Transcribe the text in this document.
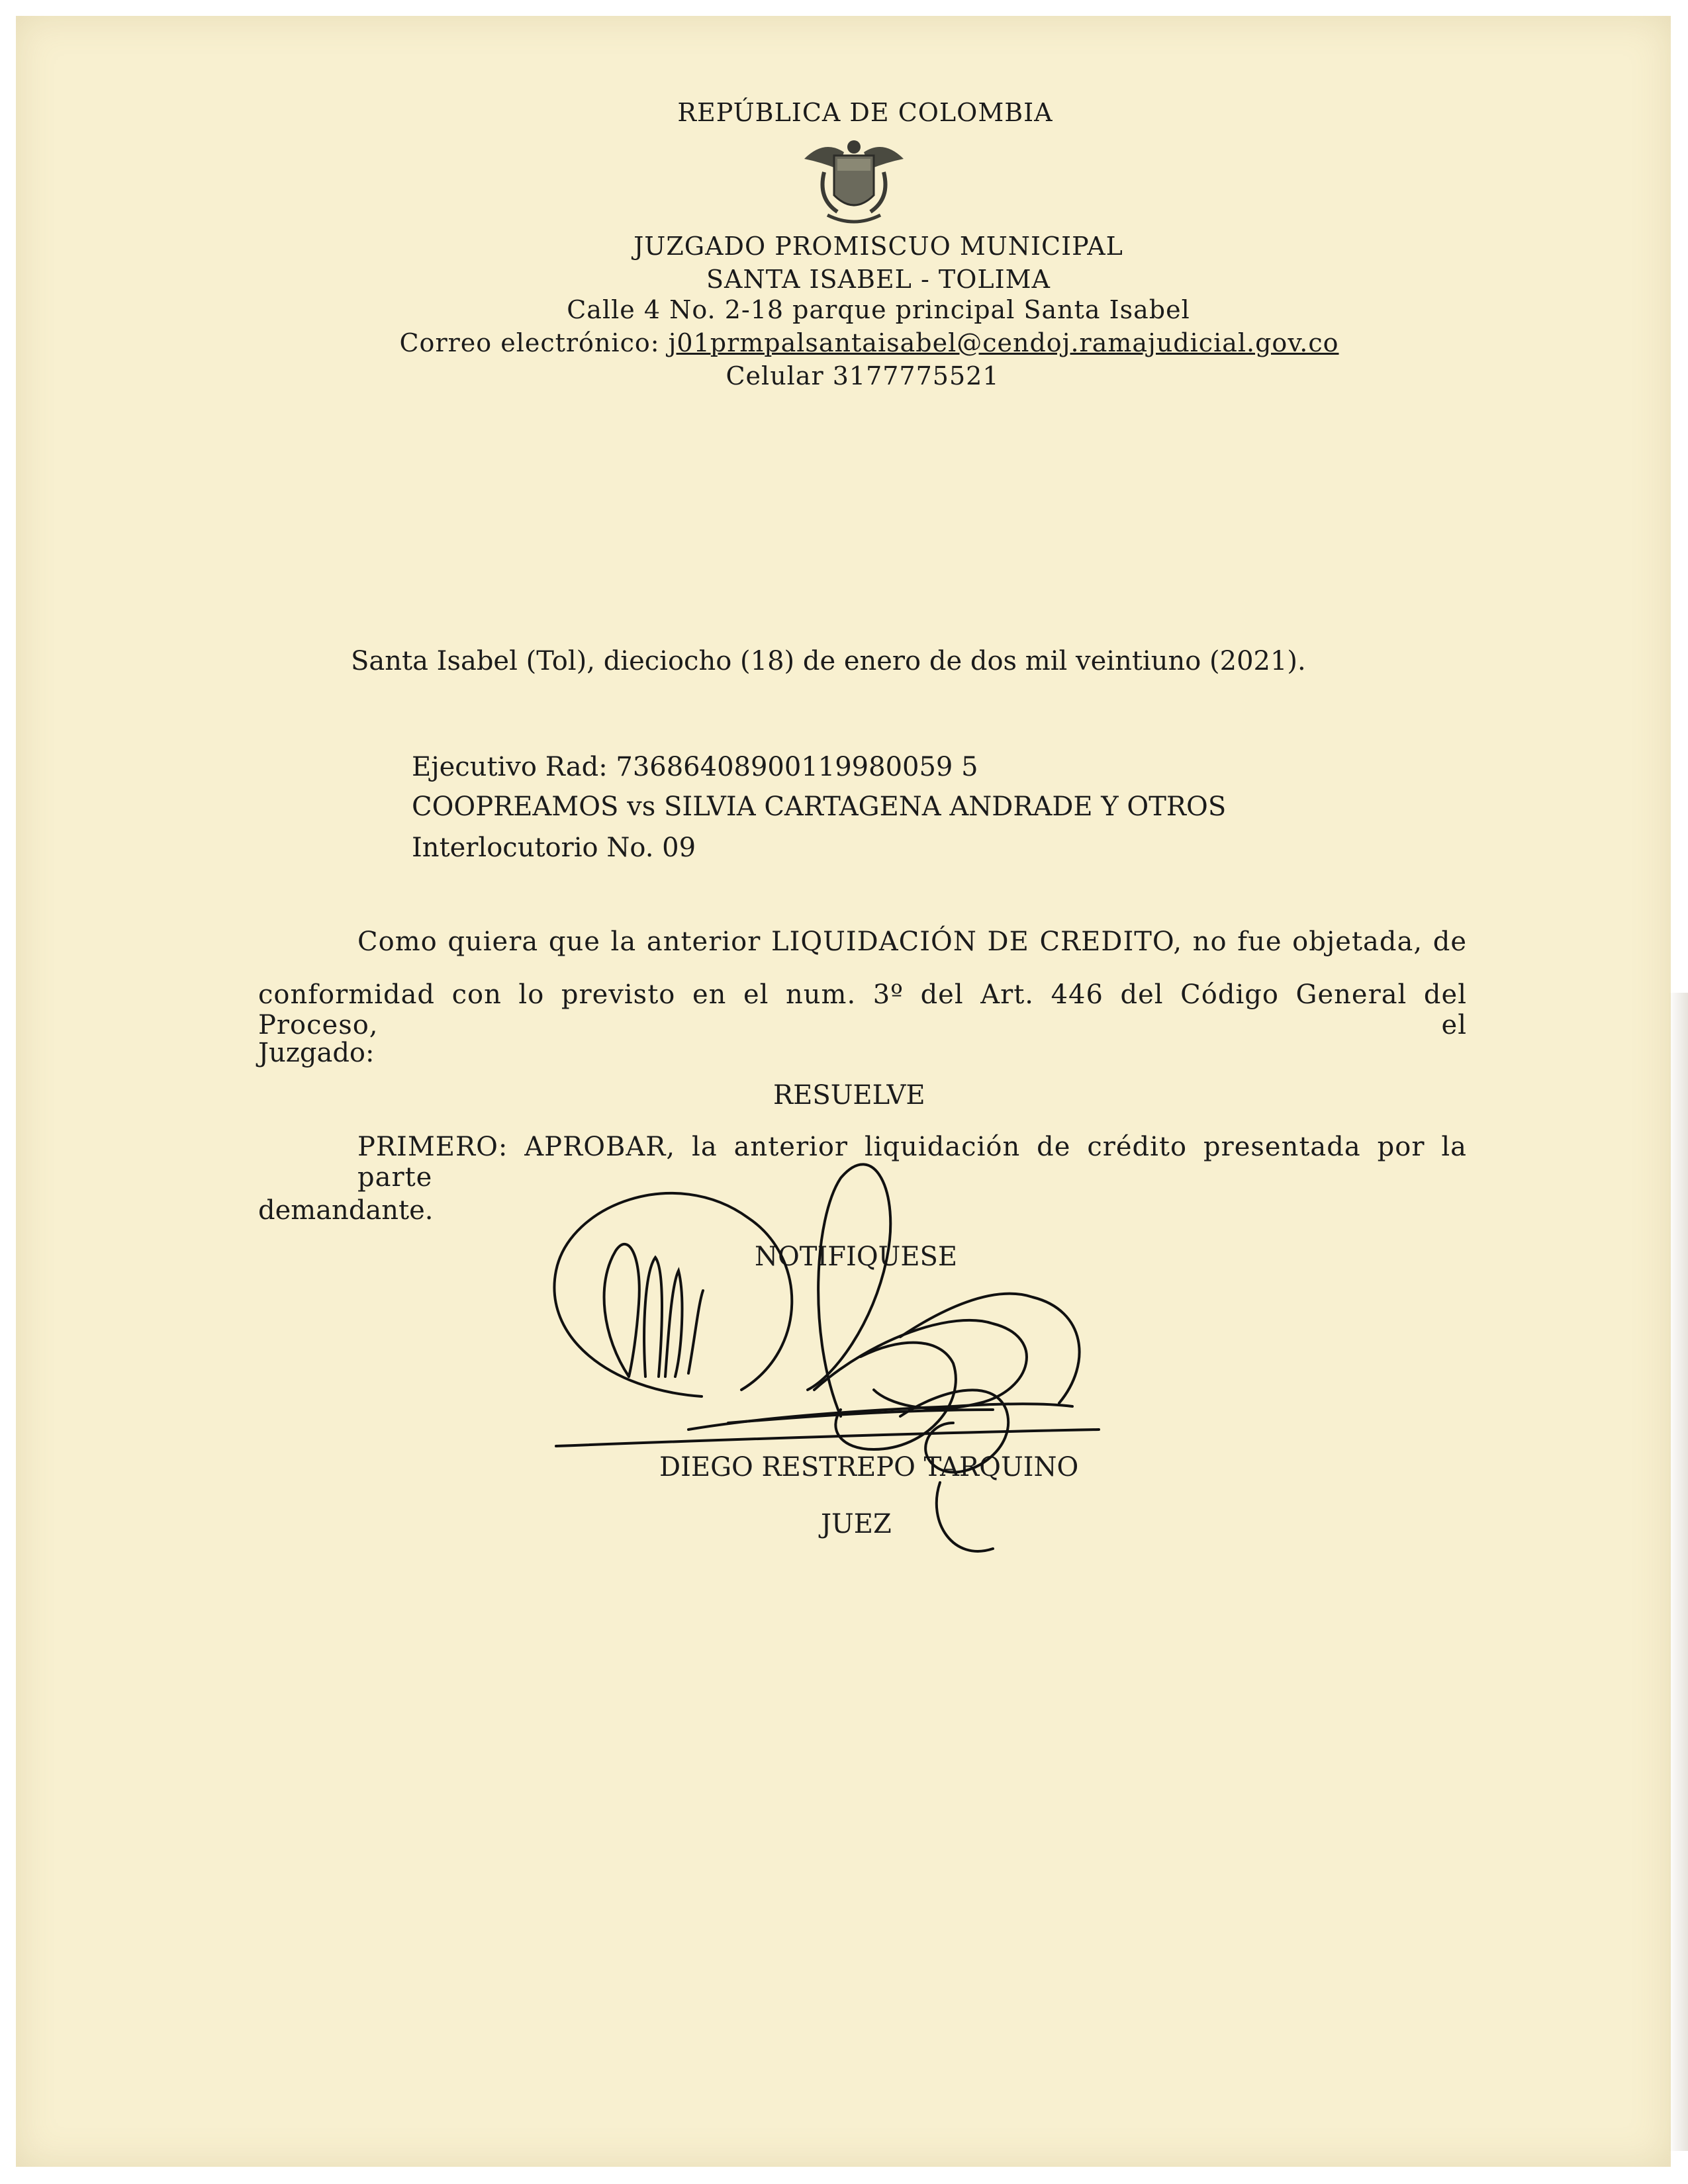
REPÚBLICA DE COLOMBIA
JUZGADO PROMISCUO MUNICIPAL
SANTA ISABEL - TOLIMA
Calle 4 No. 2-18 parque principal Santa Isabel
Correo electrónico: j01prmpalsantaisabel@cendoj.ramajudicial.gov.co
Celular 3177775521
Santa Isabel (Tol), dieciocho (18) de enero de dos mil veintiuno (2021).
Ejecutivo Rad: 73686408900119980059 5
COOPREAMOS vs SILVIA CARTAGENA ANDRADE Y OTROS
Interlocutorio No. 09
Como quiera que la anterior LIQUIDACIÓN DE CREDITO, no fue objetada, de
conformidad con lo previsto en el num. 3º del Art. 446 del Código General del Proceso, el
Juzgado:
RESUELVE
PRIMERO: APROBAR, la anterior liquidación de crédito presentada por la parte
demandante.
NOTIFIQUESE
DIEGO RESTREPO TARQUINO
JUEZ
